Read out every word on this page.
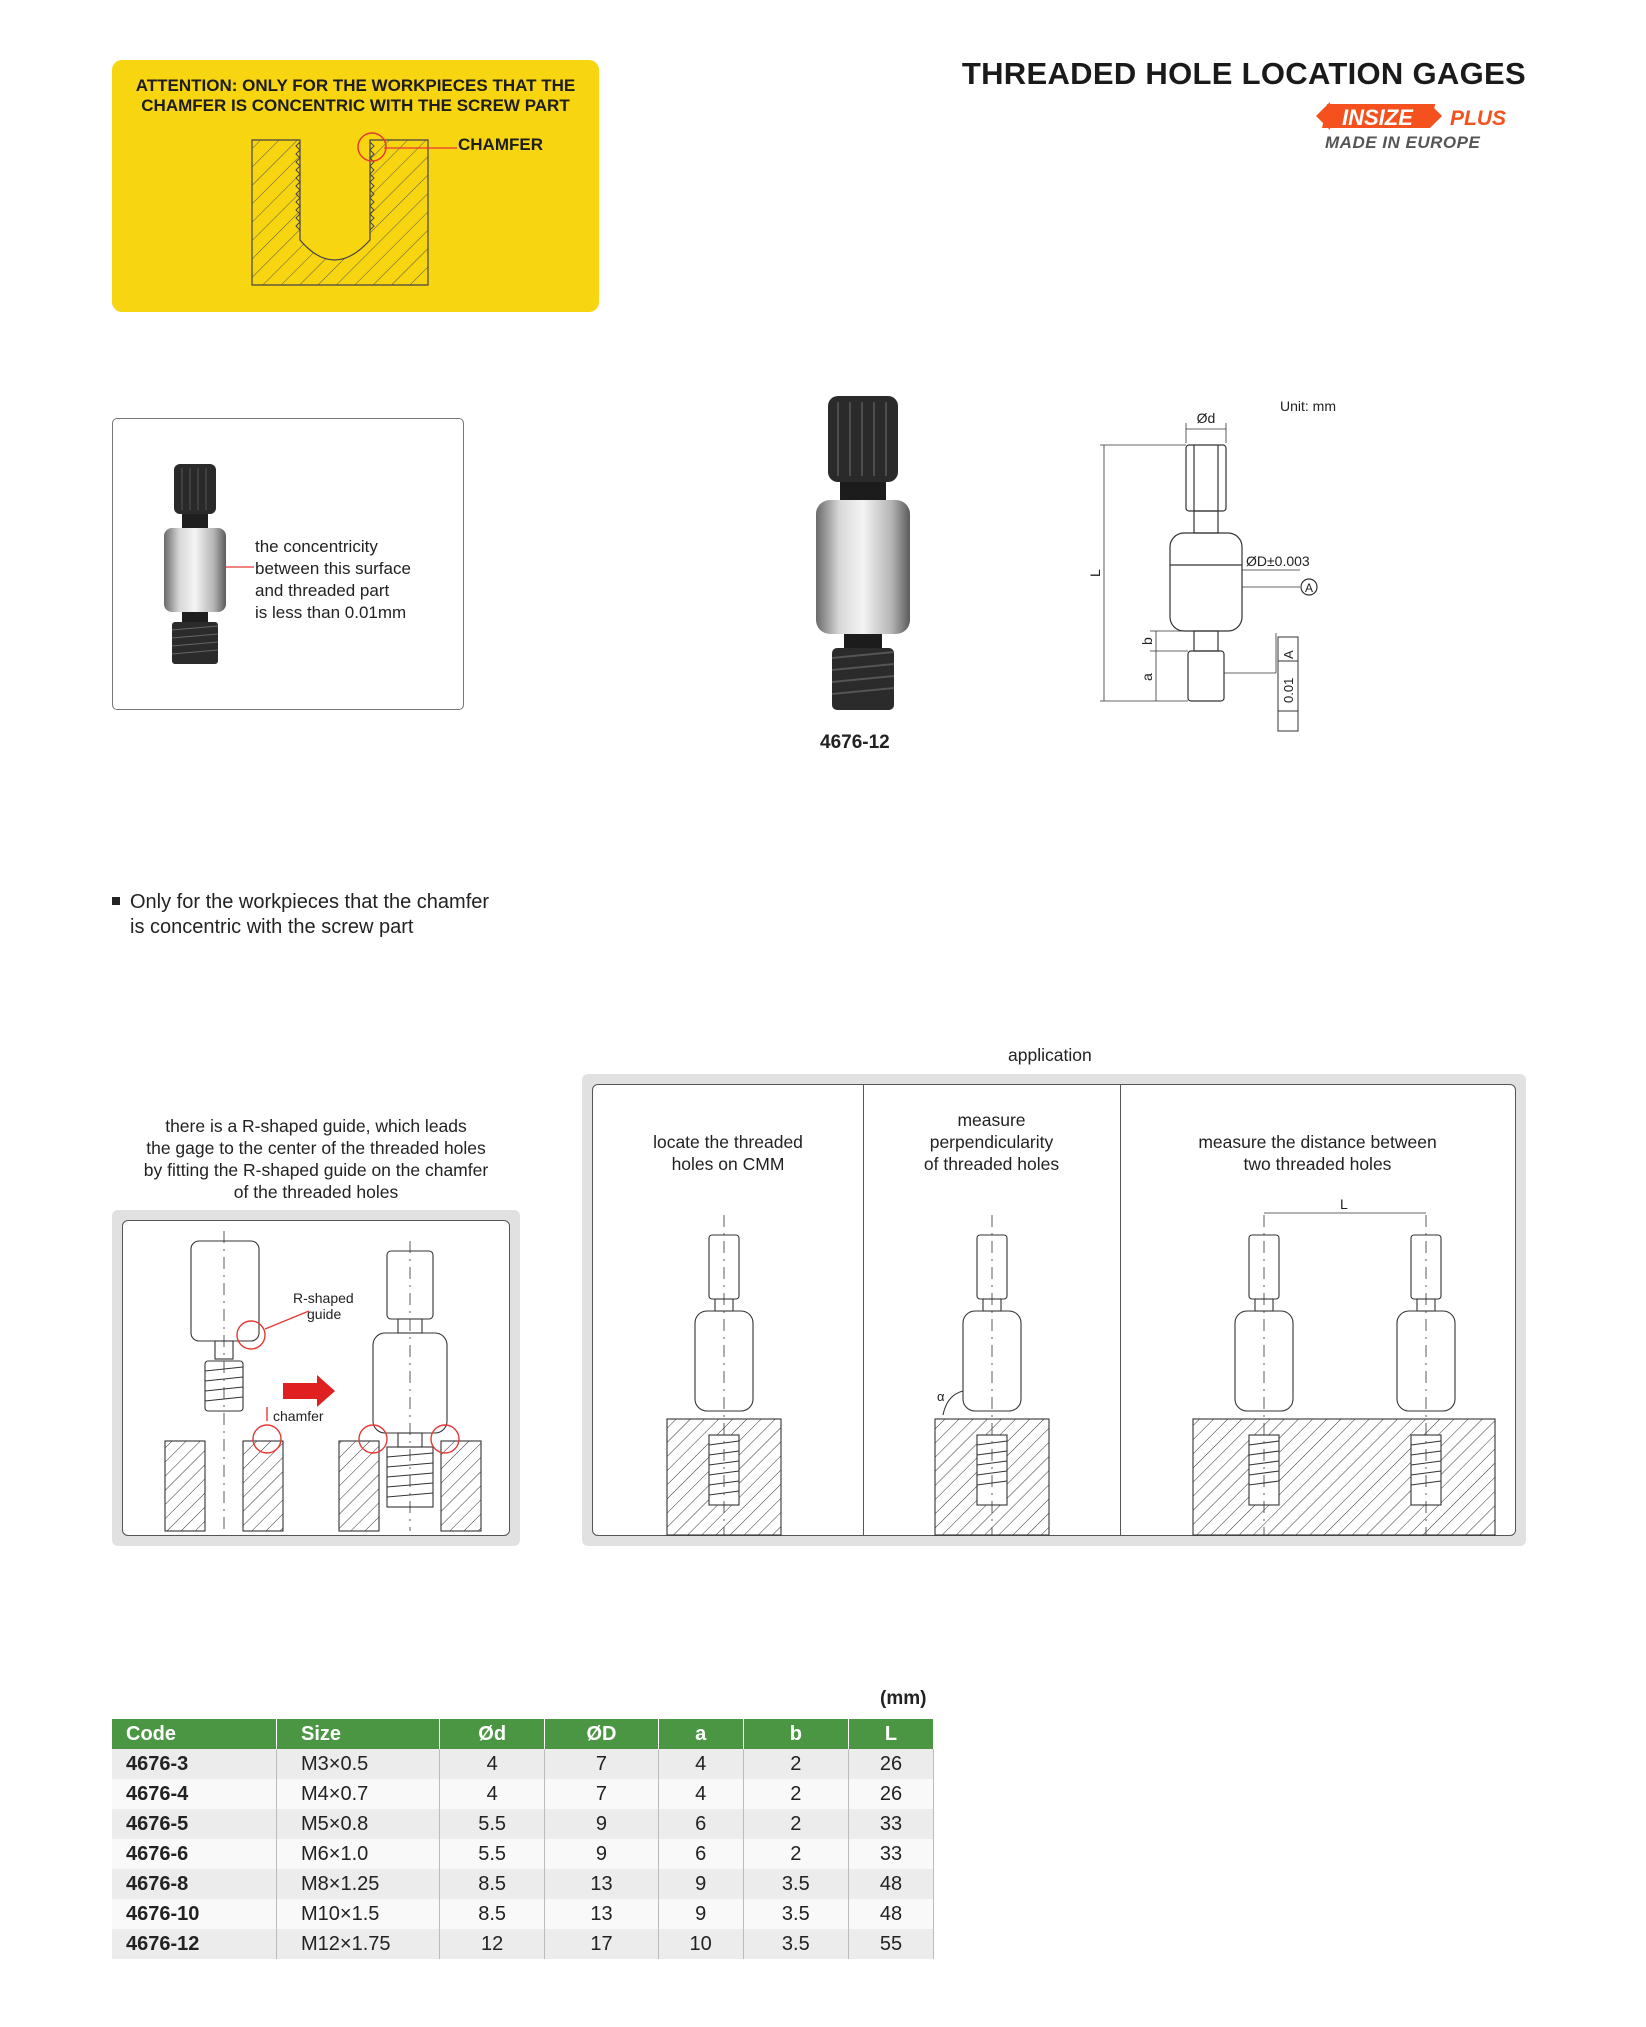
ATTENTION: ONLY FOR THE WORKPIECES THAT THE
CHAMFER IS CONCENTRIC WITH THE SCREW PART
CHAMFER
THREADED HOLE LOCATION GAGES
INSIZE PLUS
MADE IN EUROPE
the concentricity
between this surface
and threaded part
is less than 0.01mm
4676-12
Unit: mm
Ød
ØD±0.003
A
L
a
b
0.01
A
Only for the workpieces that the chamfer
is concentric with the screw part
there is a R-shaped guide, which leads
the gage to the center of the threaded holes
by fitting the R-shaped guide on the chamfer
of the threaded holes
R-shaped
guide
chamfer
application
locate the threaded
holes on CMM
measure
perpendicularity
of threaded holes
measure the distance between
two threaded holes
α
L
(mm)
Code	Size	Ød	ØD	a	b	L
4676-3	M3×0.5	4	7	4	2	26
4676-4	M4×0.7	4	7	4	2	26
4676-5	M5×0.8	5.5	9	6	2	33
4676-6	M6×1.0	5.5	9	6	2	33
4676-8	M8×1.25	8.5	13	9	3.5	48
4676-10	M10×1.5	8.5	13	9	3.5	48
4676-12	M12×1.75	12	17	10	3.5	55
